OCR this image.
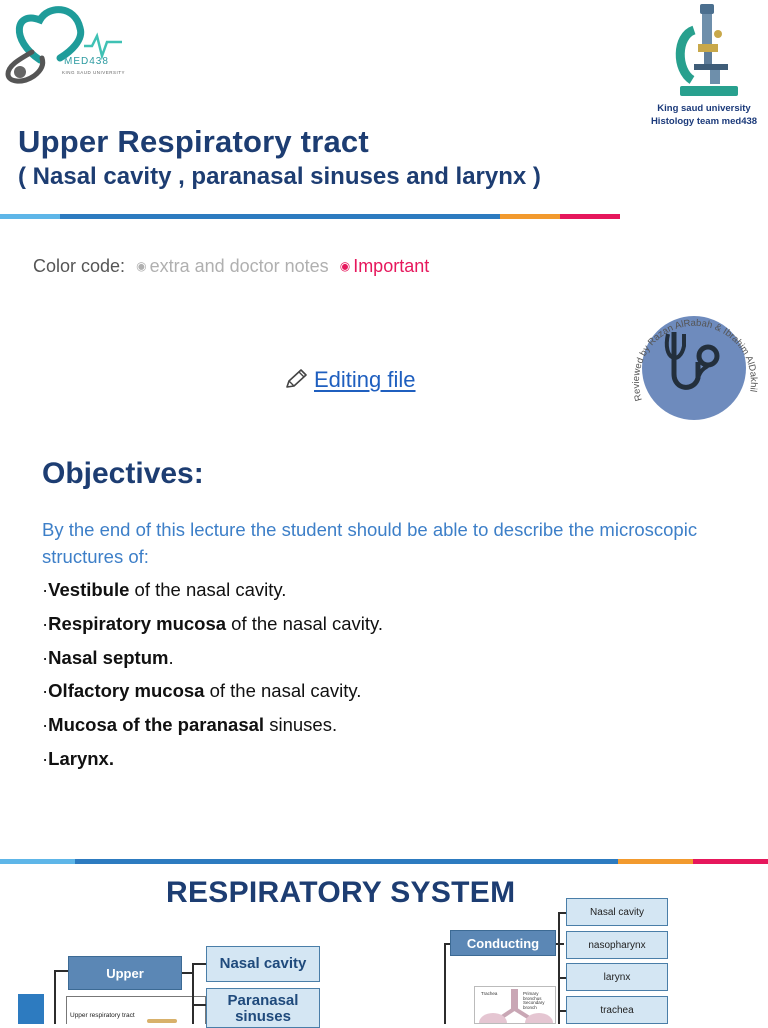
MED438
KING SAUD UNIVERSITY
King saud university
Histology team med438
Upper Respiratory tract
( Nasal cavity , paranasal sinuses and larynx )
Color code: ◉ extra and doctor notes ◉ Important
Editing file
Reviewed by Razan AlRabah & Ibrahim AlDakhil
Objectives:
By the end of this lecture the student should be able to describe the microscopic structures of:
·Vestibule of the nasal cavity.
·Respiratory mucosa of the nasal cavity.
·Nasal septum.
·Olfactory mucosa of the nasal cavity.
·Mucosa of the paranasal sinuses.
·Larynx.
RESPIRATORY SYSTEM
Upper
Upper respiratory tract
Nasal cavity
Paranasal sinuses
Conducting
Nasal cavity
nasopharynx
larynx
trachea
Trachea	Primary bronchus
Secondary bronch
